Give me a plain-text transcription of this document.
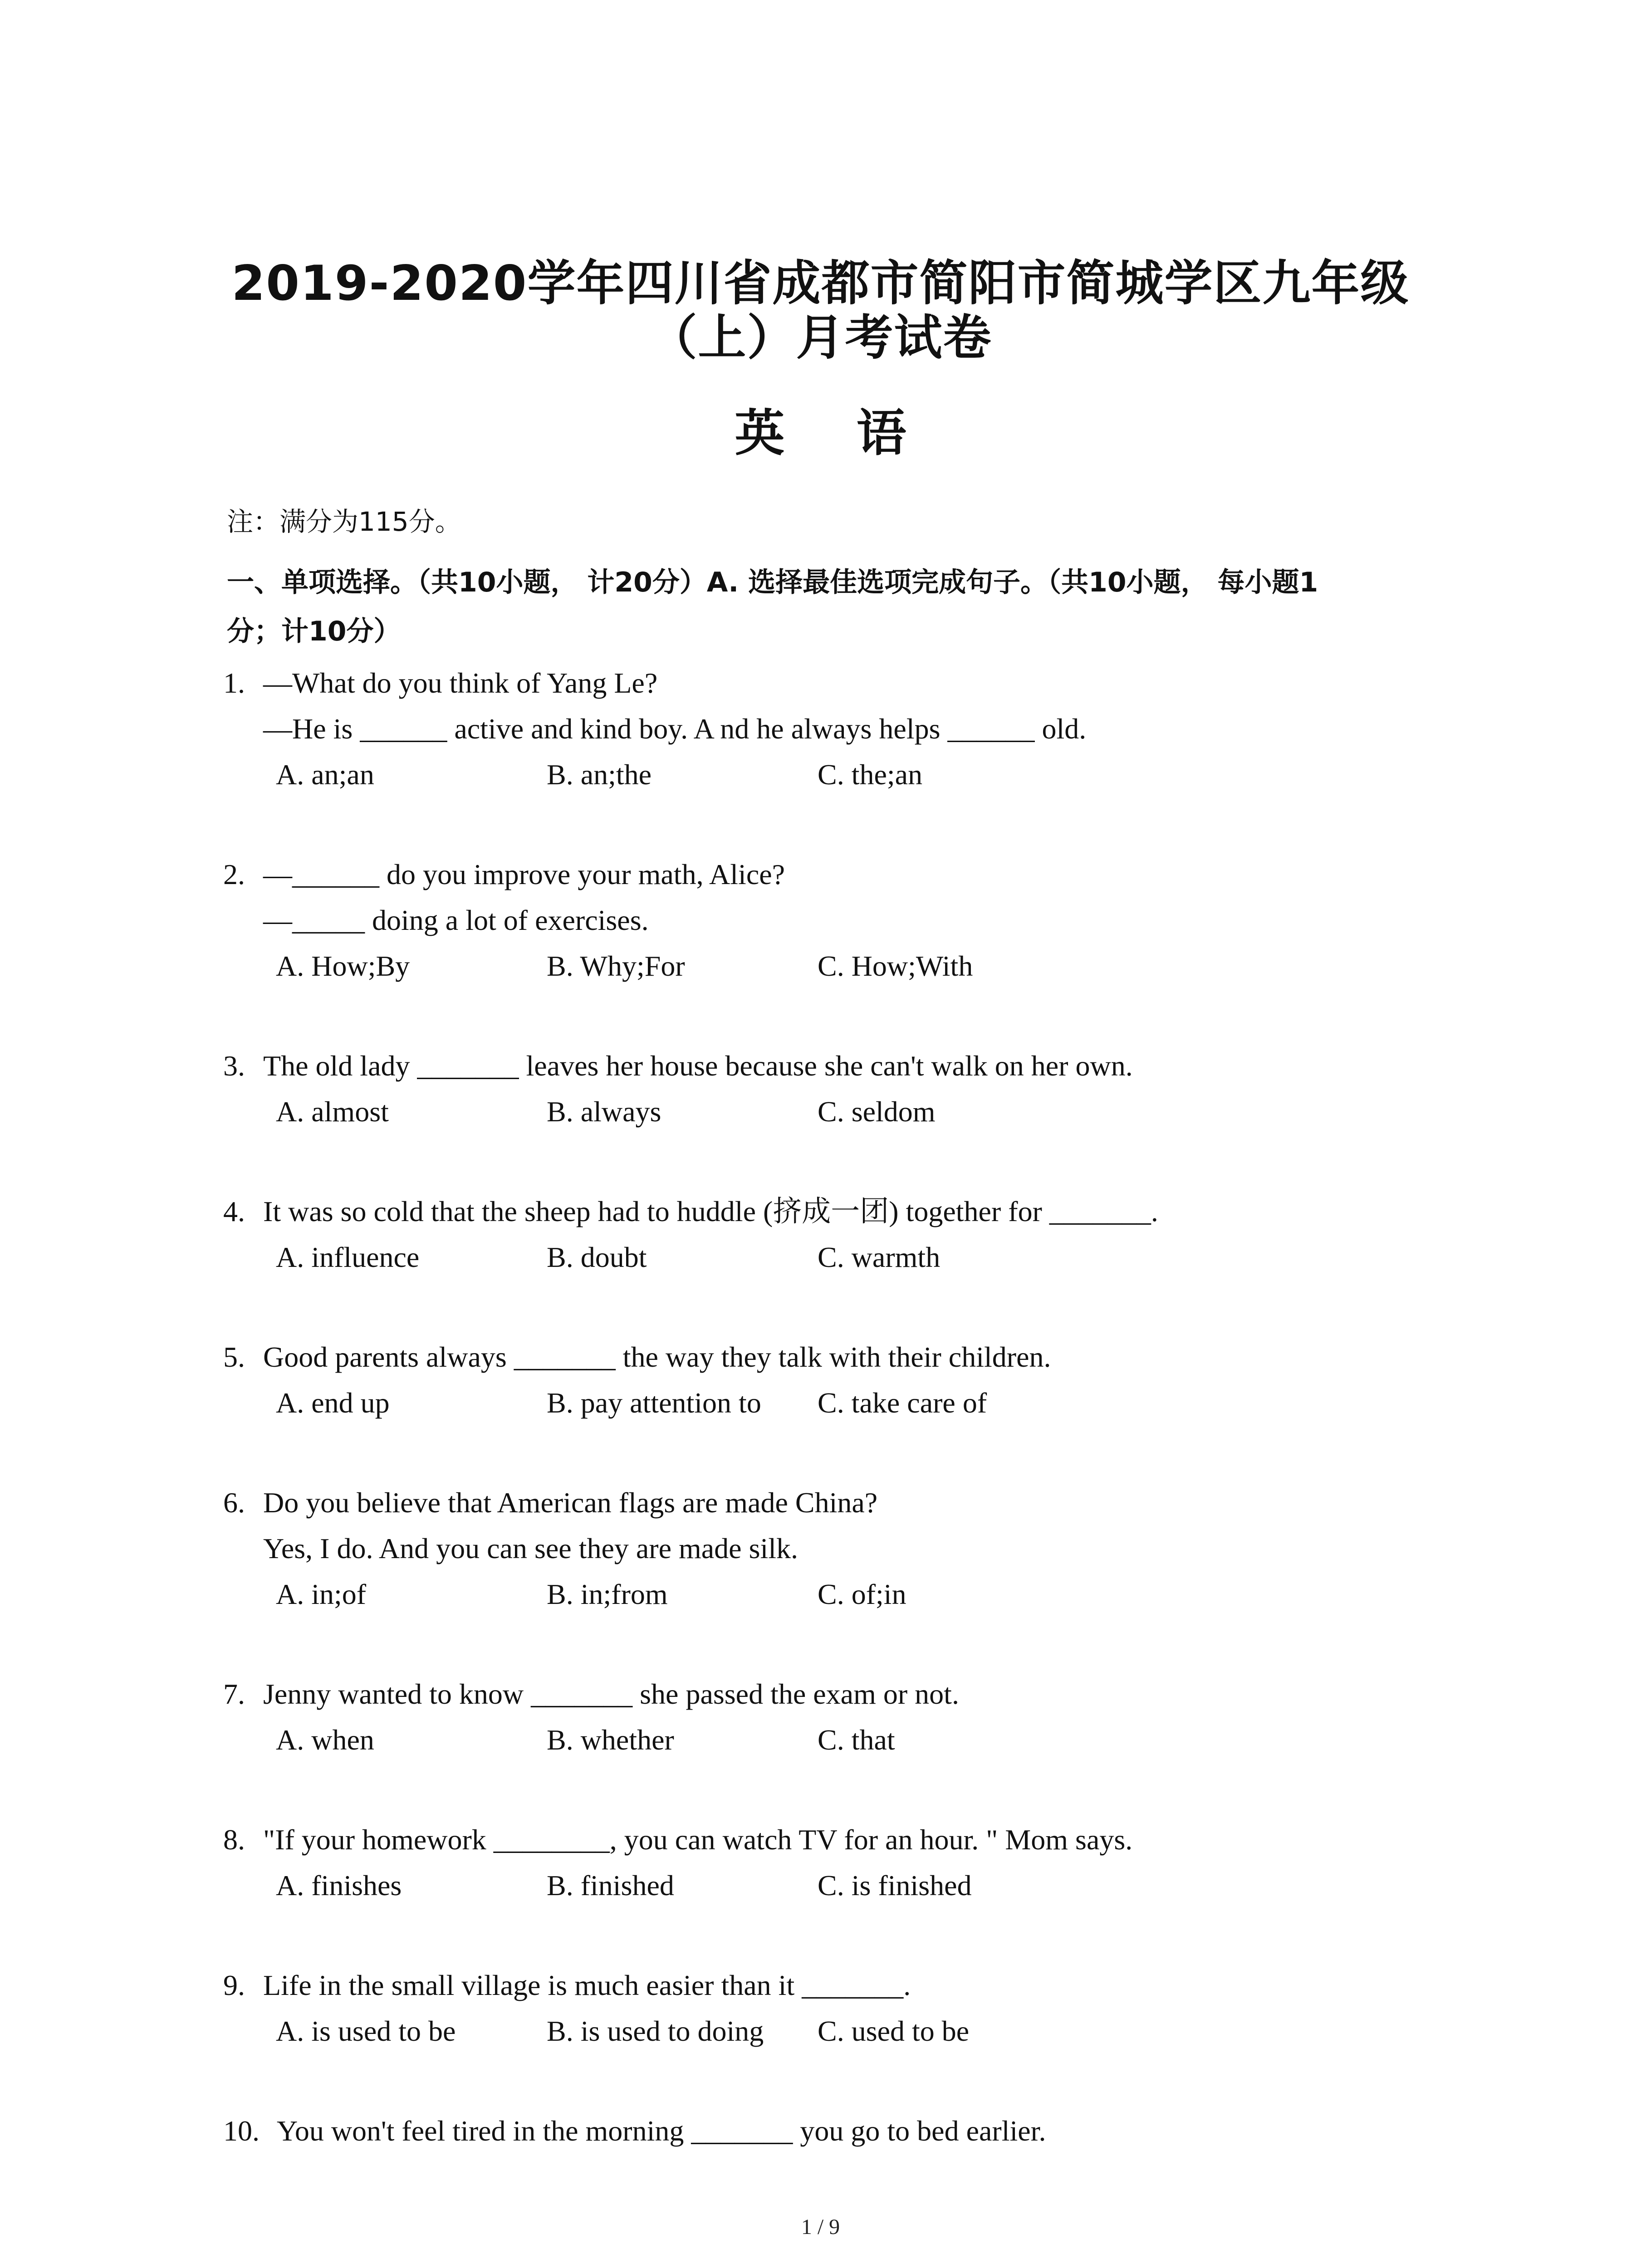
2019-2020学年四川省成都市简阳市简城学区九年级
（上）月考试卷
英 语
注：满分为115分。
一、单项选择。（共10小题， 计20分）A. 选择最佳选项完成句子。（共10小题， 每小题1
分；计10分）
1. —What do you think of Yang Le?
—He is ______ active and kind boy. A nd he always helps ______ old.
A. an;an	B. an;the	C. the;an
2. —______ do you improve your math, Alice?
—_____ doing a lot of exercises.
A. How;By	B. Why;For	C. How;With
3. The old lady _______ leaves her house because she can't walk on her own.
A. almost	B. always	C. seldom
4. It was so cold that the sheep had to huddle (挤成一团) together for _______.
A. influence	B. doubt	C. warmth
5. Good parents always _______ the way they talk with their children.
A. end up	B. pay attention to C. take care of
6. Do you believe that American flags are made China?
Yes, I do. And you can see they are made silk.
A. in;of	B. in;from	C. of;in
7. Jenny wanted to know _______ she passed the exam or not.
A. when	B. whether	C. that
8. "If your homework ________, you can watch TV for an hour. " Mom says.
A. finishes	B. finished	C. is finished
9. Life in the small village is much easier than it _______.
A. is used to be	B. is used to doing C. used to be
10. You won't feel tired in the morning _______ you go to bed earlier.
1 / 9
